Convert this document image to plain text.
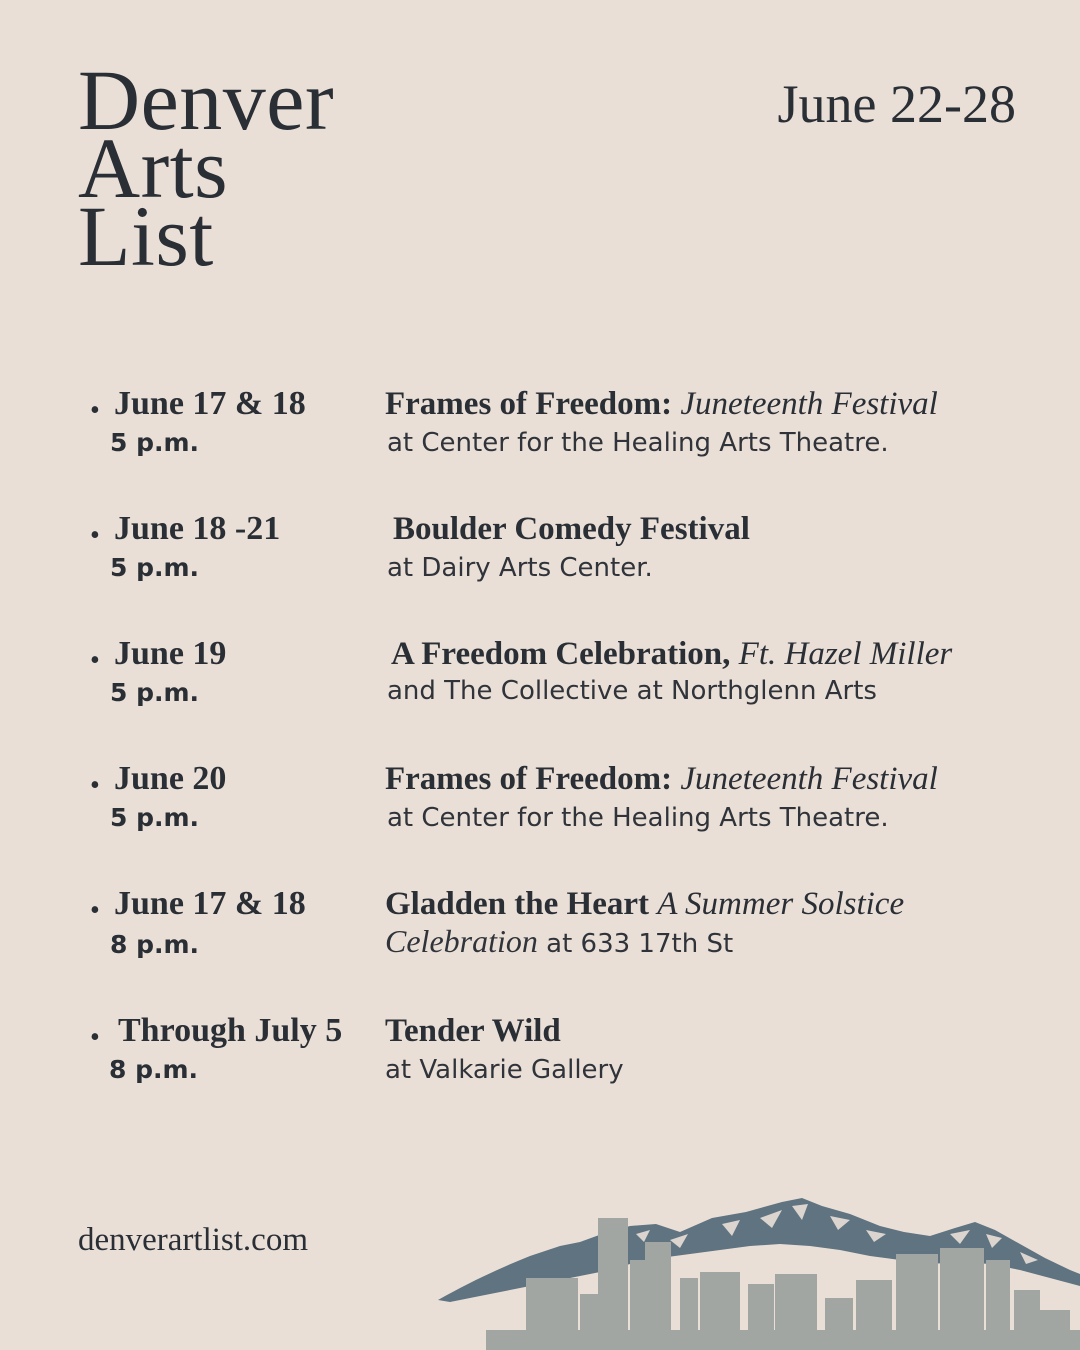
Denver
Arts
List
June 22-28
• June 17 & 18
5 p.m.
Frames of Freedom: Juneteenth Festival
at Center for the Healing Arts Theatre.
• June 18 -21
5 p.m.
Boulder Comedy Festival
at Dairy Arts Center.
• June 19
5 p.m.
A Freedom Celebration, Ft. Hazel Miller
and The Collective at Northglenn Arts
• June 20
5 p.m.
Frames of Freedom: Juneteenth Festival
at Center for the Healing Arts Theatre.
• June 17 & 18
8 p.m.
Gladden the Heart A Summer Solstice
Celebration at 633 17th St
• Through July 5
8 p.m.
Tender Wild
at Valkarie Gallery
denverartlist.com
